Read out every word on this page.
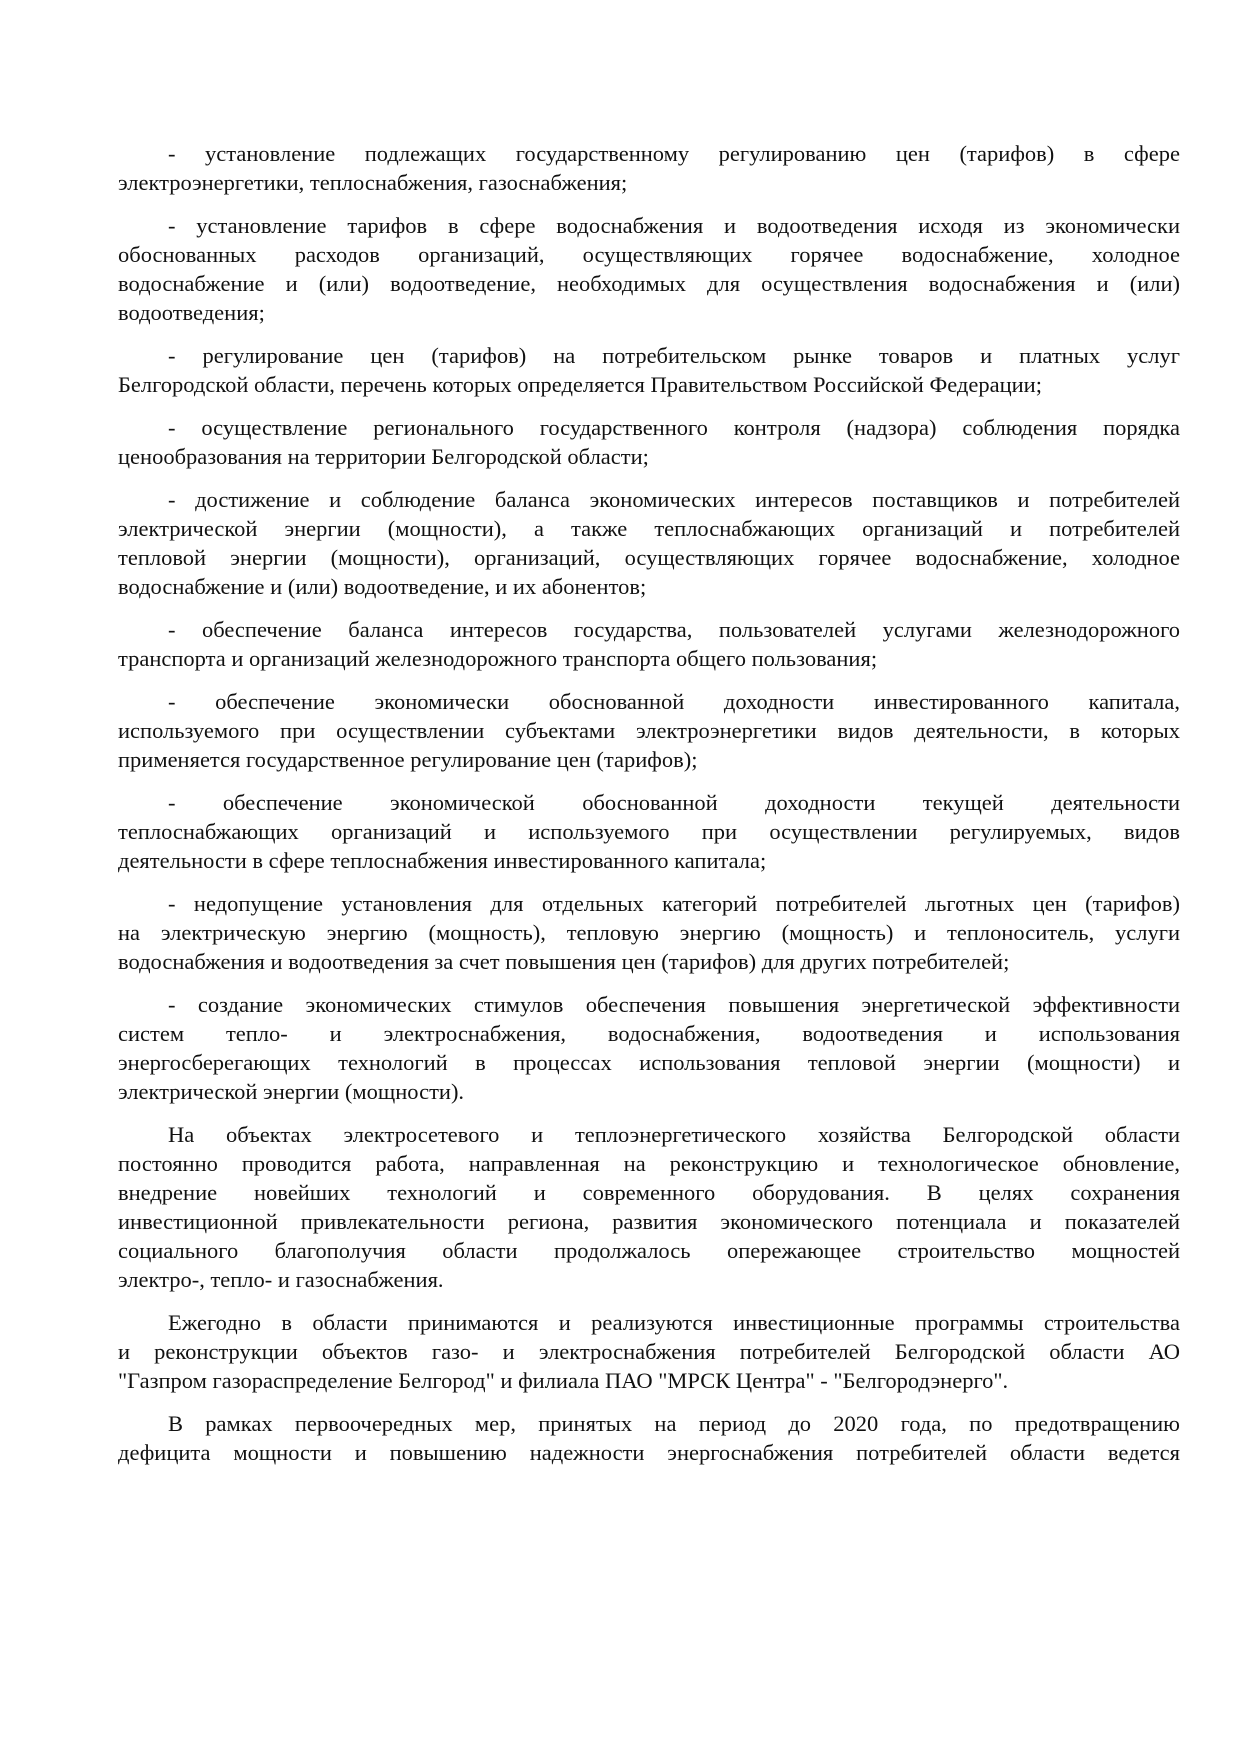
- установление подлежащих государственному регулированию цен (тарифов) в сфере
электроэнергетики, теплоснабжения, газоснабжения;
- установление тарифов в сфере водоснабжения и водоотведения исходя из экономически
обоснованных расходов организаций, осуществляющих горячее водоснабжение, холодное
водоснабжение и (или) водоотведение, необходимых для осуществления водоснабжения и (или)
водоотведения;
- регулирование цен (тарифов) на потребительском рынке товаров и платных услуг
Белгородской области, перечень которых определяется Правительством Российской Федерации;
- осуществление регионального государственного контроля (надзора) соблюдения порядка
ценообразования на территории Белгородской области;
- достижение и соблюдение баланса экономических интересов поставщиков и потребителей
электрической энергии (мощности), а также теплоснабжающих организаций и потребителей
тепловой энергии (мощности), организаций, осуществляющих горячее водоснабжение, холодное
водоснабжение и (или) водоотведение, и их абонентов;
- обеспечение баланса интересов государства, пользователей услугами железнодорожного
транспорта и организаций железнодорожного транспорта общего пользования;
- обеспечение экономически обоснованной доходности инвестированного капитала,
используемого при осуществлении субъектами электроэнергетики видов деятельности, в которых
применяется государственное регулирование цен (тарифов);
- обеспечение экономической обоснованной доходности текущей деятельности
теплоснабжающих организаций и используемого при осуществлении регулируемых, видов
деятельности в сфере теплоснабжения инвестированного капитала;
- недопущение установления для отдельных категорий потребителей льготных цен (тарифов)
на электрическую энергию (мощность), тепловую энергию (мощность) и теплоноситель, услуги
водоснабжения и водоотведения за счет повышения цен (тарифов) для других потребителей;
- создание экономических стимулов обеспечения повышения энергетической эффективности
систем тепло- и электроснабжения, водоснабжения, водоотведения и использования
энергосберегающих технологий в процессах использования тепловой энергии (мощности) и
электрической энергии (мощности).
На объектах электросетевого и теплоэнергетического хозяйства Белгородской области
постоянно проводится работа, направленная на реконструкцию и технологическое обновление,
внедрение новейших технологий и современного оборудования. В целях сохранения
инвестиционной привлекательности региона, развития экономического потенциала и показателей
социального благополучия области продолжалось опережающее строительство мощностей
электро-, тепло- и газоснабжения.
Ежегодно в области принимаются и реализуются инвестиционные программы строительства
и реконструкции объектов газо- и электроснабжения потребителей Белгородской области АО
"Газпром газораспределение Белгород" и филиала ПАО "МРСК Центра" - "Белгородэнерго".
В рамках первоочередных мер, принятых на период до 2020 года, по предотвращению
дефицита мощности и повышению надежности энергоснабжения потребителей области ведется
